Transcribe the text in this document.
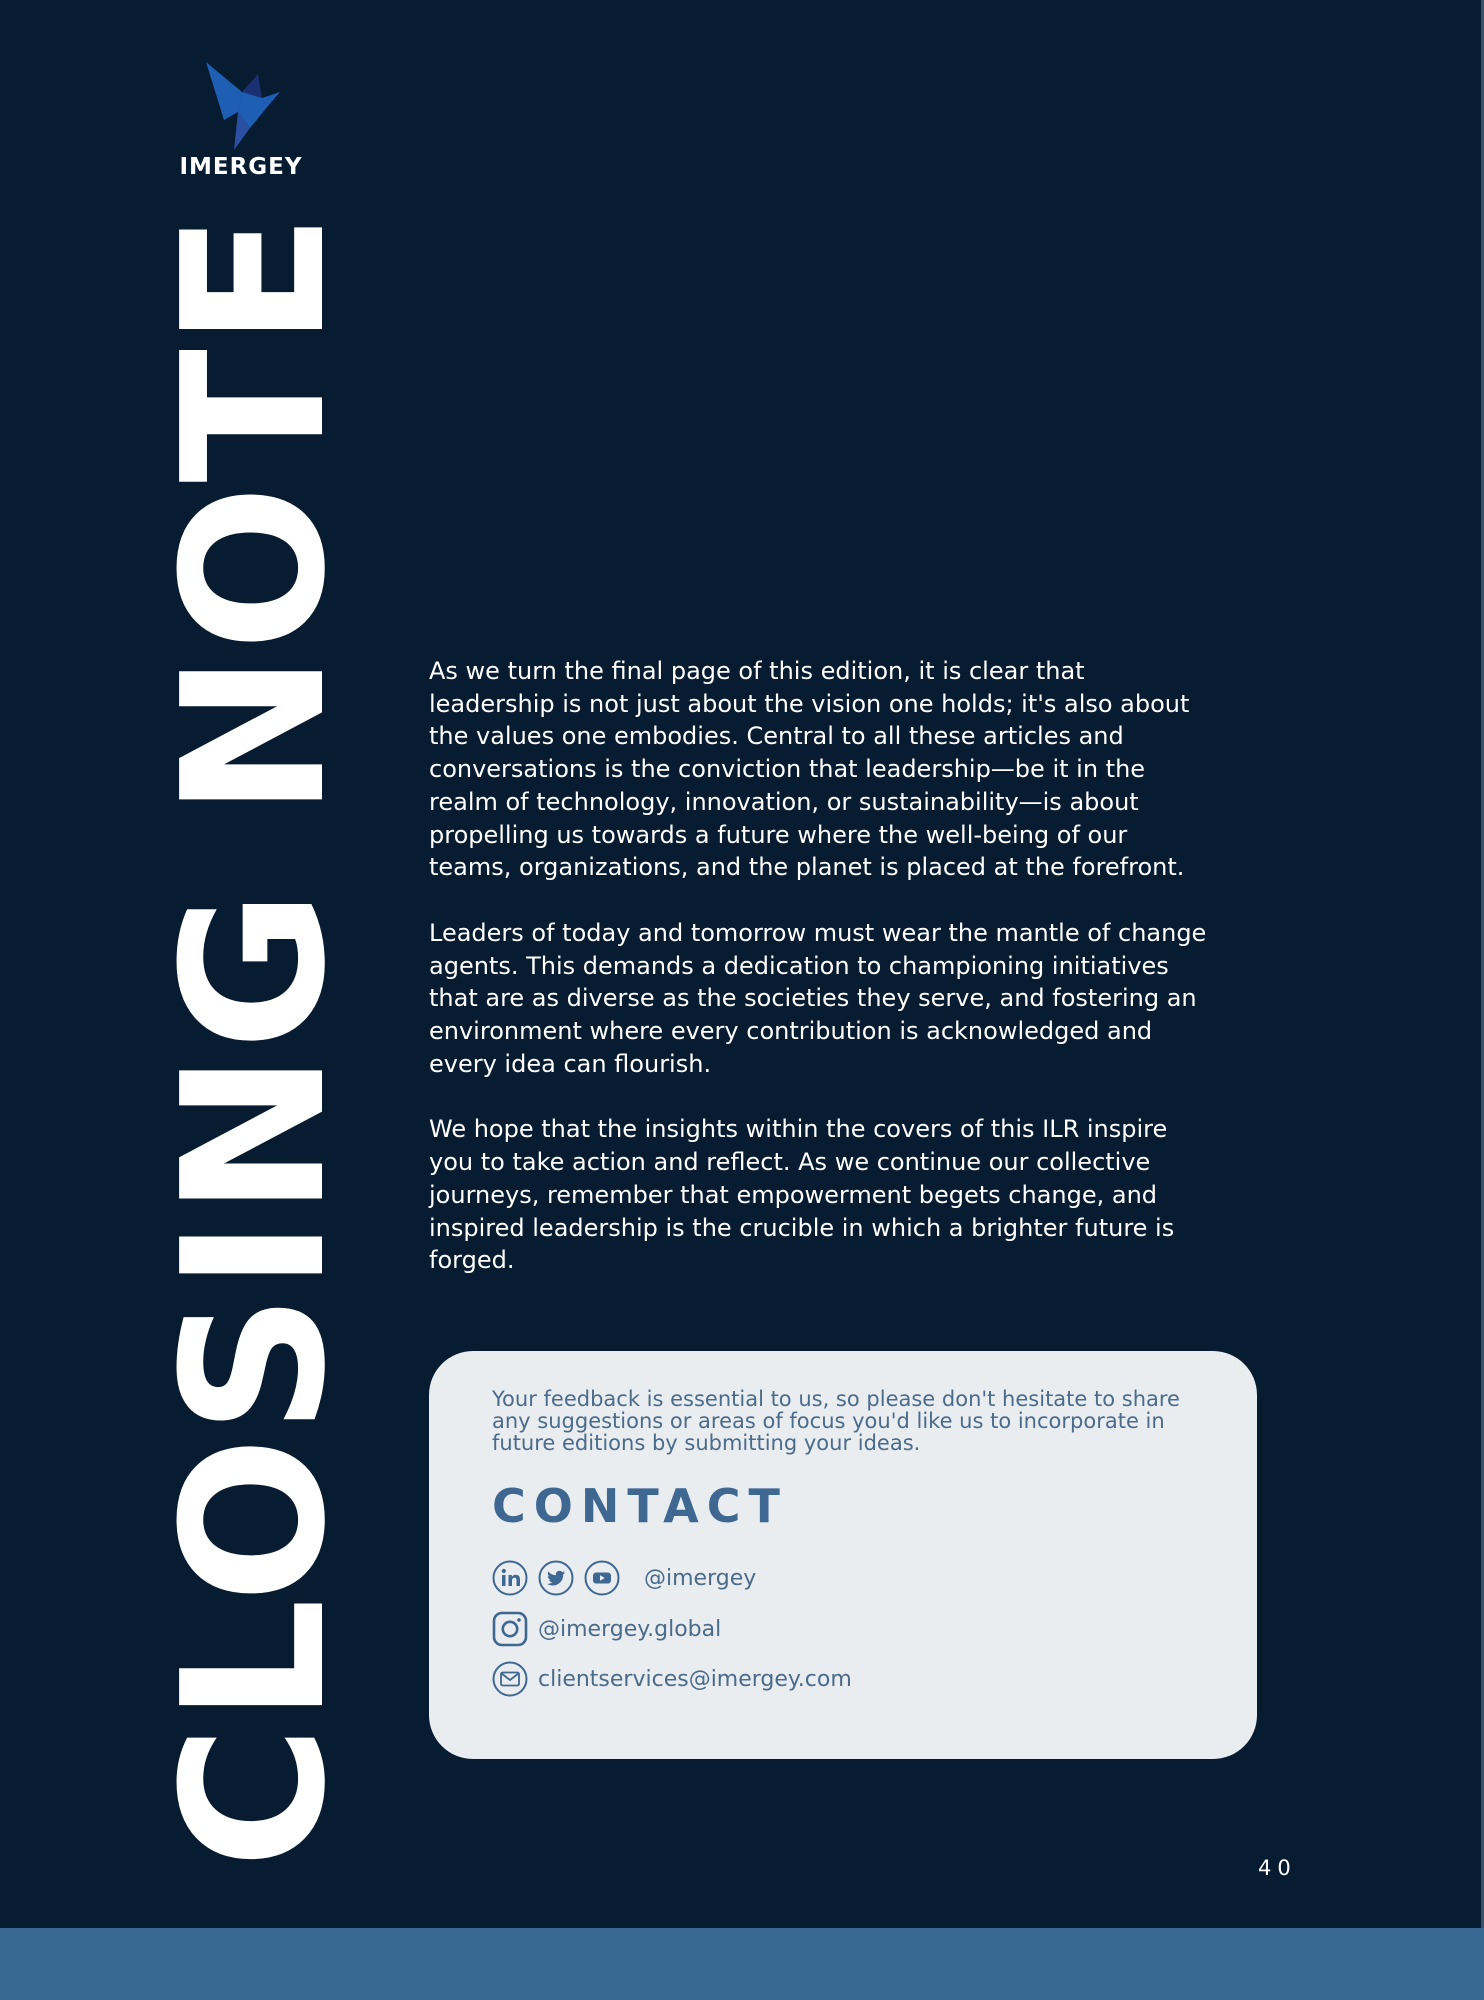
IMERGEY
CLOSING NOTE	As we turn the final page of this edition, it is clear that leadership is not just about the vision one holds; it's also about the values one embodies. Central to all these articles and conversations is the conviction that leadership—be it in the realm of technology, innovation, or sustainability—is about propelling us towards a future where the well-being of our teams, organizations, and the planet is placed at the forefront.

Leaders of today and tomorrow must wear the mantle of change agents. This demands a dedication to championing initiatives that are as diverse as the societies they serve, and fostering an environment where every contribution is acknowledged and every idea can flourish.

We hope that the insights within the covers of this ILR inspire you to take action and reflect. As we continue our collective journeys, remember that empowerment begets change, and inspired leadership is the crucible in which a brighter future is forged.

Your feedback is essential to us, so please don't hesitate to share any suggestions or areas of focus you'd like us to incorporate in future editions by submitting your ideas.

CONTACT
@imergey
@imergey.global
clientservices@imergey.com
40
